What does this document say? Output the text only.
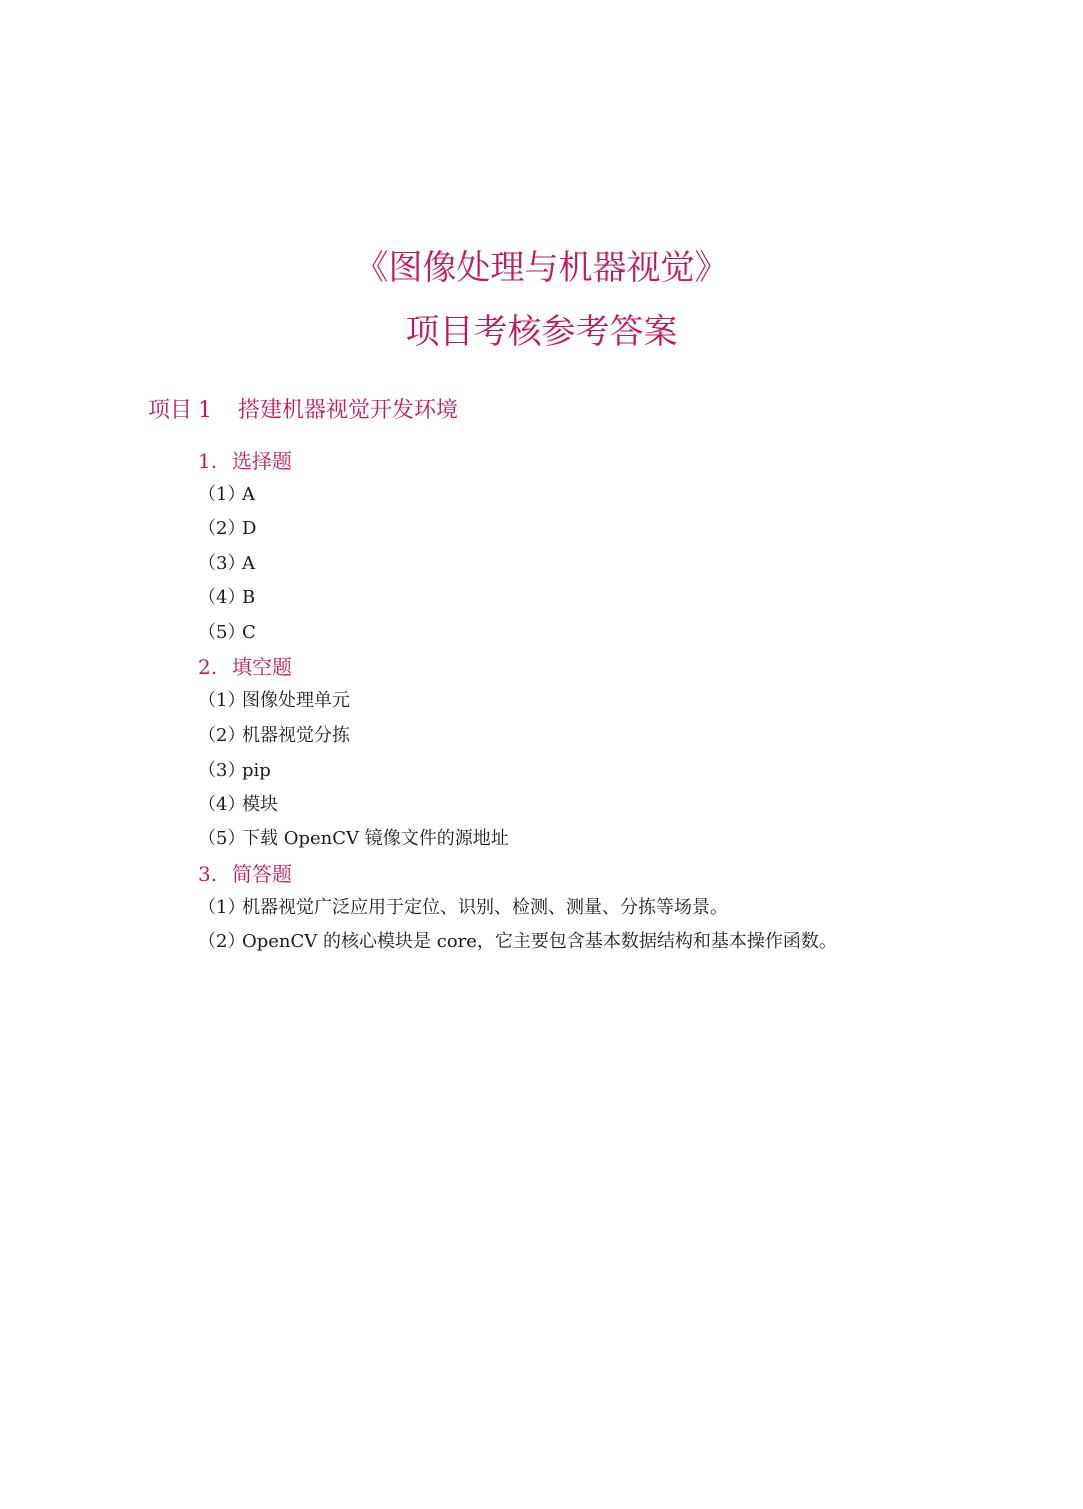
《图像处理与机器视觉》
项目考核参考答案
项目 1 搭建机器视觉开发环境
1. 选择题
（1）A
（2）D
（3）A
（4）B
（5）C
2. 填空题
（1）图像处理单元
（2）机器视觉分拣
（3）pip
（4）模块
（5）下载 OpenCV 镜像文件的源地址
3. 简答题
（1）机器视觉广泛应用于定位、识别、检测、测量、分拣等场景。
（2）OpenCV 的核心模块是 core，它主要包含基本数据结构和基本操作函数。
